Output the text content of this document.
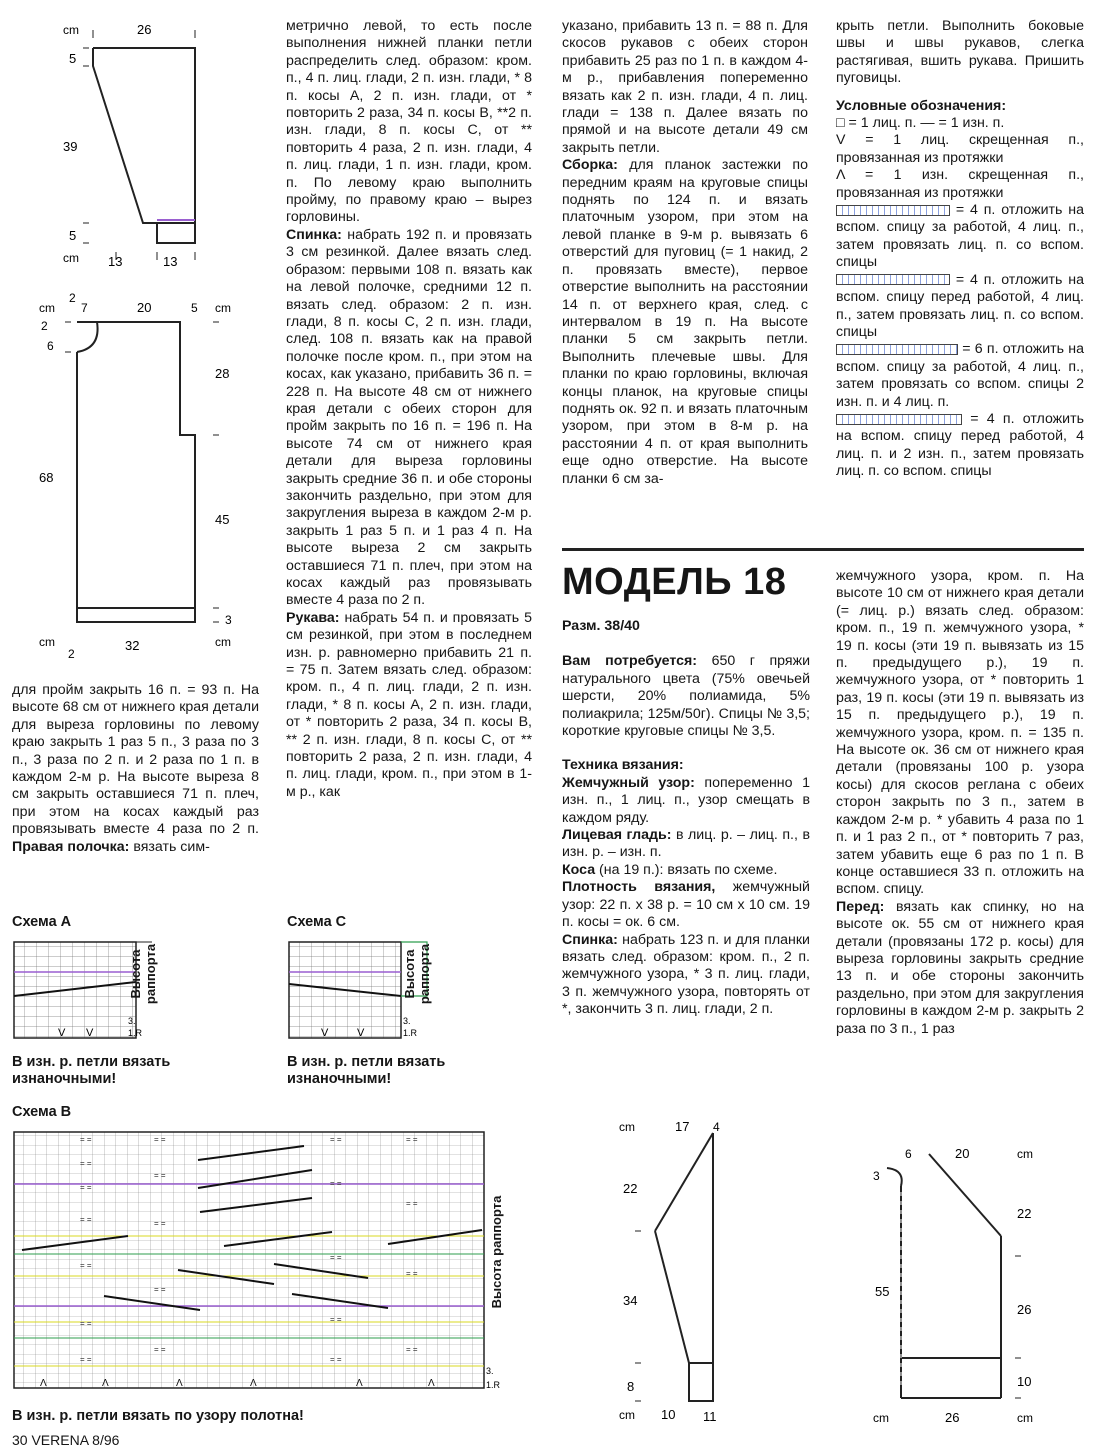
для пройм закрыть 16 п. = 93 п. На высоте 68 см от нижнего края детали для выреза горловины по левому краю закрыть 1 раз 5 п., 3 раза по 3 п., 3 раза по 2 п. и 2 раза по 1 п. в каждом 2-м р. На высоте выреза 8 см закрыть оставшиеся 71 п. плеч, при этом на косах каждый раз провязывать вместе 4 раза по 2 п. Правая полочка: вязать сим-

метрично левой, то есть после выполнения нижней планки петли распределить след. образом: кром. п., 4 п. лиц. глади, 2 п. изн. глади, * 8 п. косы А, 2 п. изн. глади, от * повторить 2 раза, 34 п. косы В, **2 п. изн. глади, 8 п. косы С, от ** повторить 4 раза, 2 п. изн. глади, 4 п. лиц. глади, 1 п. изн. глади, кром. п. По левому краю выполнить пройму, по правому краю – вырез горловины.

Спинка: набрать 192 п. и провязать 3 см резинкой. Далее вязать след. образом: первыми 108 п. вязать как на левой полочке, средними 12 п. вязать след. образом: 2 п. изн. глади, 8 п. косы С, 2 п. изн. глади, след. 108 п. вязать как на правой полочке после кром. п., при этом на косах, как указано, прибавить 36 п. = 228 п. На высоте 48 см от нижнего края детали с обеих сторон для пройм закрыть по 16 п. = 196 п. На высоте 74 см от нижнего края детали для выреза горловины закрыть средние 36 п. и обе стороны закончить раздельно, при этом для закругления выреза в каждом 2-м р. закрыть 1 раз 5 п. и 1 раз 4 п. На высоте выреза 2 см закрыть оставшиеся 71 п. плеч, при этом на косах каждый раз провязывать вместе 4 раза по 2 п.

Рукава: набрать 54 п. и провязать 5 см резинкой, при этом в последнем изн. р. равномерно прибавить 21 п. = 75 п. Затем вязать след. образом: кром. п., 4 п. лиц. глади, 2 п. изн. глади, * 8 п. косы А, 2 п. изн. глади, от * повторить 2 раза, 34 п. косы В, ** 2 п. изн. глади, 8 п. косы С, от ** повторить 2 раза, 2 п. изн. глади, 4 п. лиц. глади, кром. п., при этом в 1-м р., как

указано, прибавить 13 п. = 88 п. Для скосов рукавов с обеих сторон прибавить 25 раз по 1 п. в каждом 4-м р., прибавления попеременно вязать как 2 п. изн. глади, 4 п. лиц. глади = 138 п. Далее вязать по прямой и на высоте детали 49 см закрыть петли.

Сборка: для планок застежки по передним краям на круговые спицы поднять по 124 п. и вязать платочным узором, при этом на левой планке в 9-м р. вывязать 6 отверстий для пуговиц (= 1 накид, 2 п. провязать вместе), первое отверстие выполнить на расстоянии 14 п. от верхнего края, след. с интервалом в 19 п. На высоте планки 5 см закрыть петли. Выполнить плечевые швы. Для планки по краю горловины, включая концы планок, на круговые спицы поднять ок. 92 п. и вязать платочным узором, при этом в 8-м р. на расстоянии 4 п. от края выполнить еще одно отверстие. На высоте планки 6 см за-

крыть петли. Выполнить боковые швы и швы рукавов, слегка растягивая, вшить рукава. Пришить пуговицы.

Условные обозначения:

□ = 1 лиц. п. — = 1 изн. п.

V = 1 лиц. скрещенная п., провязанная из протяжки

Λ = 1 изн. скрещенная п., провязанная из протяжки

= 4 п. отложить на вспом. спицу за работой, 4 лиц. п., затем провязать лиц. п. со вспом. спицы

= 4 п. отложить на вспом. спицу перед работой, 4 лиц. п., затем провязать лиц. п. со вспом. спицы

= 6 п. отложить на вспом. спицу за работой, 4 лиц. п., затем провязать со вспом. спицы 2 изн. п. и 4 лиц. п.

= 4 п. отложить на вспом. спицу перед работой, 4 лиц. п. и 2 изн. п., затем провязать лиц. п. со вспом. спицы

МОДЕЛЬ 18

Разм. 38/40

Вам потребуется: 650 г пряжи натурального цвета (75% овечьей шерсти, 20% полиамида, 5% полиакрила; 125м/50г). Спицы № 3,5; короткие круговые спицы № 3,5.

Техника вязания:

Жемчужный узор: попеременно 1 изн. п., 1 лиц. п., узор смещать в каждом ряду.

Лицевая гладь: в лиц. р. – лиц. п., в изн. р. – изн. п.

Коса (на 19 п.): вязать по схеме.

Плотность вязания, жемчужный узор: 22 п. x 38 р. = 10 см x 10 см. 19 п. косы = ок. 6 см.

Спинка: набрать 123 п. и для планки вязать след. образом: кром. п., 2 п. жемчужного узора, * 3 п. лиц. глади, 3 п. жемчужного узора, повторять от *, закончить 3 п. лиц. глади, 2 п.

жемчужного узора, кром. п. На высоте 10 см от нижнего края детали (= лиц. р.) вязать след. образом: кром. п., 19 п. жемчужного узора, * 19 п. косы (эти 19 п. вывязать из 15 п. предыдущего р.), 19 п. жемчужного узора, от * повторить 1 раз, 19 п. косы (эти 19 п. вывязать из 15 п. предыдущего р.), 19 п. жемчужного узора, кром. п. = 135 п. На высоте ок. 36 см от нижнего края детали (провязаны 100 р. узора косы) для скосов реглана с обеих сторон закрыть по 3 п., затем в каждом 2-м р. * убавить 4 раза по 1 п. и 1 раз 2 п., от * повторить 7 раз, затем убавить еще 6 раз по 1 п. В конце оставшиеся 33 п. отложить на вспом. спицу.

Перед: вязать как спинку, но на высоте ок. 55 см от нижнего края детали (провязаны 172 р. косы) для выреза горловины закрыть средние 13 п. и обе стороны закончить раздельно, при этом для закругления горловины в каждом 2-м р. закрыть 2 раза по 3 п., 1 раз

cm	26
5
39
5
cm 13	13
cm
2
7	20	5 cm
2
6
28
68
45
3
cm
2
32	cm
Схема A
V V
3.
1.R
Высота раппорта
В изн. р. петли вязать изнаночными!
Схема C
V	V
3.
1.R
Высота раппорта
В изн. р. петли вязать изнаночными!
Схема B
= =
= =
= =
= =
= =
= =
= =
= =
= =
= =
= =
= =
= =
= =
= =
= =
= =
= =
= =
= =
= =
Λ	Λ	Λ	Λ	Λ	Λ
3.
1.R
Высота раппорта
В изн. р. петли вязать по узору полотна!
cm	17 4
22
34
8
cm 10 11
6	20	cm
3
22
55
26
10
cm	26	cm
30 VERENA 8/96
